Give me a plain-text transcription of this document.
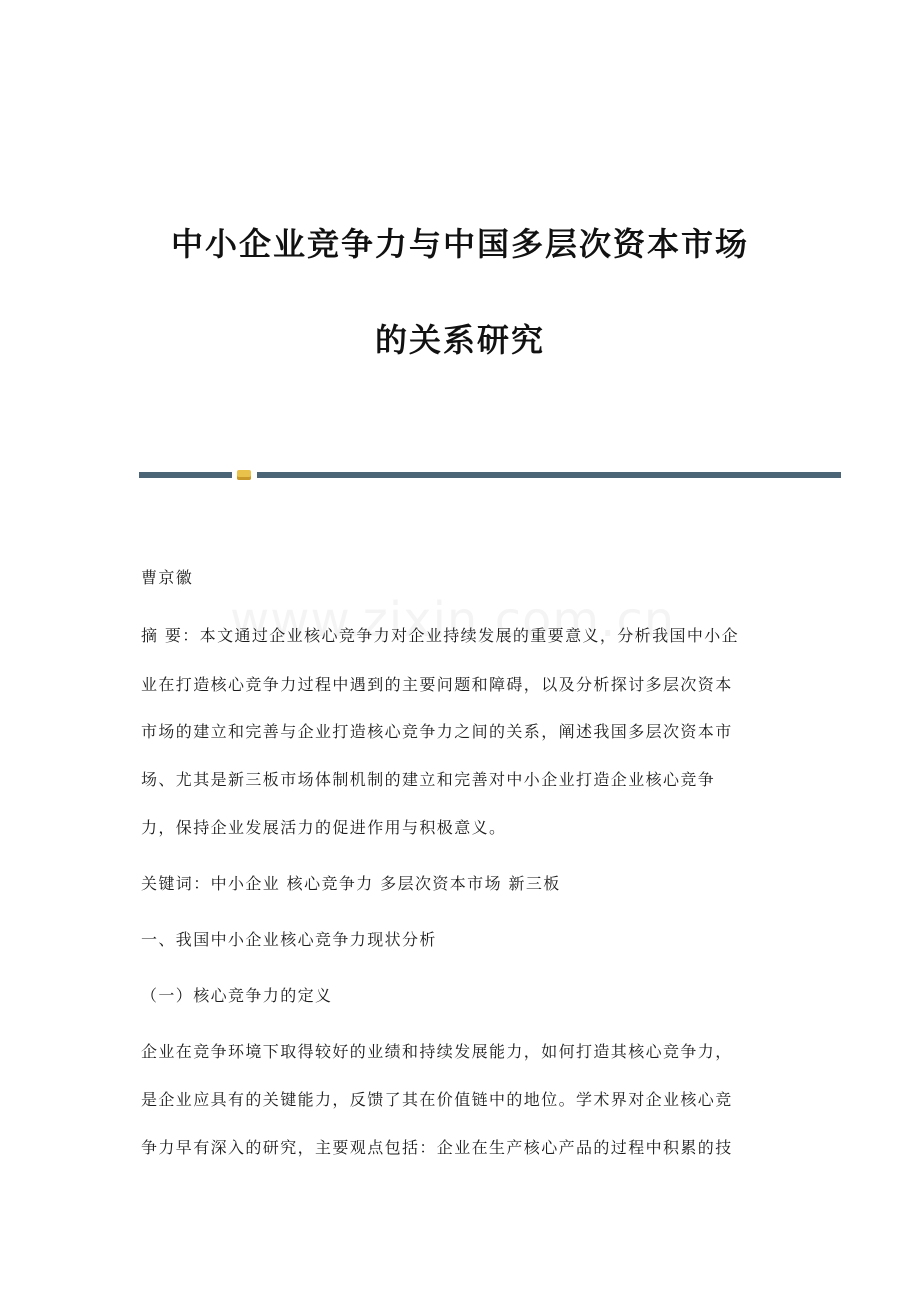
中小企业竞争力与中国多层次资本市场
的关系研究
曹京徽
摘 要：本文通过企业核心竞争力对企业持续发展的重要意义，分析我国中小企
业在打造核心竞争力过程中遇到的主要问题和障碍，以及分析探讨多层次资本
市场的建立和完善与企业打造核心竞争力之间的关系，阐述我国多层次资本市
场、尤其是新三板市场体制机制的建立和完善对中小企业打造企业核心竞争
力，保持企业发展活力的促进作用与积极意义。
关键词：中小企业 核心竞争力 多层次资本市场 新三板
一、我国中小企业核心竞争力现状分析
（一）核心竞争力的定义
企业在竞争环境下取得较好的业绩和持续发展能力，如何打造其核心竞争力，
是企业应具有的关键能力，反馈了其在价值链中的地位。学术界对企业核心竞
争力早有深入的研究，主要观点包括：企业在生产核心产品的过程中积累的技
